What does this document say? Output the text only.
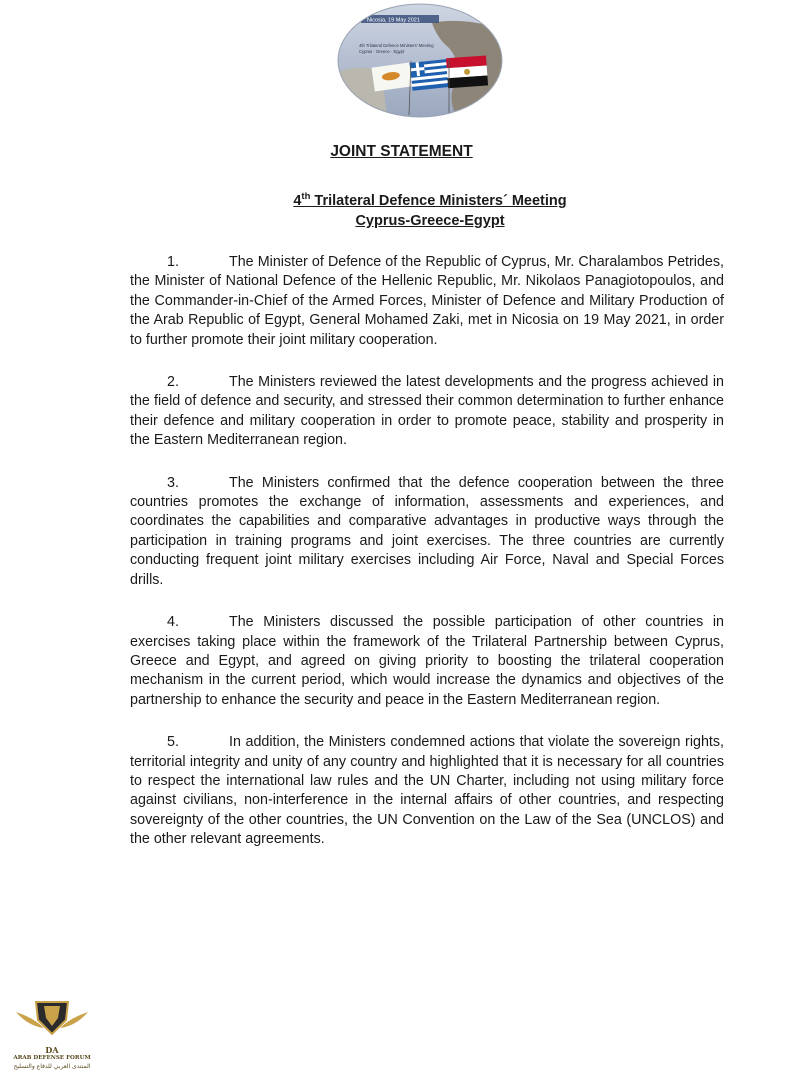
Nicosia, 19 May 2021
4th Trilateral Defence Ministers' Meeting
Cyprus · Greece · Egypt
JOINT STATEMENT
4th Trilateral Defence Ministers´ Meeting
Cyprus-Greece-Egypt
1.	The Minister of Defence of the Republic of Cyprus, Mr. Charalambos Petrides, the Minister of National Defence of the Hellenic Republic, Mr. Nikolaos Panagiotopoulos, and the Commander-in-Chief of the Armed Forces, Minister of Defence and Military Production of the Arab Republic of Egypt, General Mohamed Zaki, met in Nicosia on 19 May 2021, in order to further promote their joint military cooperation.
2.	The Ministers reviewed the latest developments and the progress achieved in the field of defence and security, and stressed their common determination to further enhance their defence and military cooperation in order to promote peace, stability and prosperity in the Eastern Mediterranean region.
3.	The Ministers confirmed that the defence cooperation between the three countries promotes the exchange of information, assessments and experiences, and coordinates the capabilities and comparative advantages in productive ways through the participation in training programs and joint exercises. The three countries are currently conducting frequent joint military exercises including Air Force, Naval and Special Forces drills.
4.	The Ministers discussed the possible participation of other countries in exercises taking place within the framework of the Trilateral Partnership between Cyprus, Greece and Egypt, and agreed on giving priority to boosting the trilateral cooperation mechanism in the current period, which would increase the dynamics and objectives of the partnership to enhance the security and peace in the Eastern Mediterranean region.
5.	In addition, the Ministers condemned actions that violate the sovereign rights, territorial integrity and unity of any country and highlighted that it is necessary for all countries to respect the international law rules and the UN Charter, including not using military force against civilians, non-interference in the internal affairs of other countries, and respecting sovereignty of the other countries, the UN Convention on the Law of the Sea (UNCLOS) and the other relevant agreements.
DA
ARAB DEFENSE FORUM
المنتدى العربي للدفاع والتسليح
